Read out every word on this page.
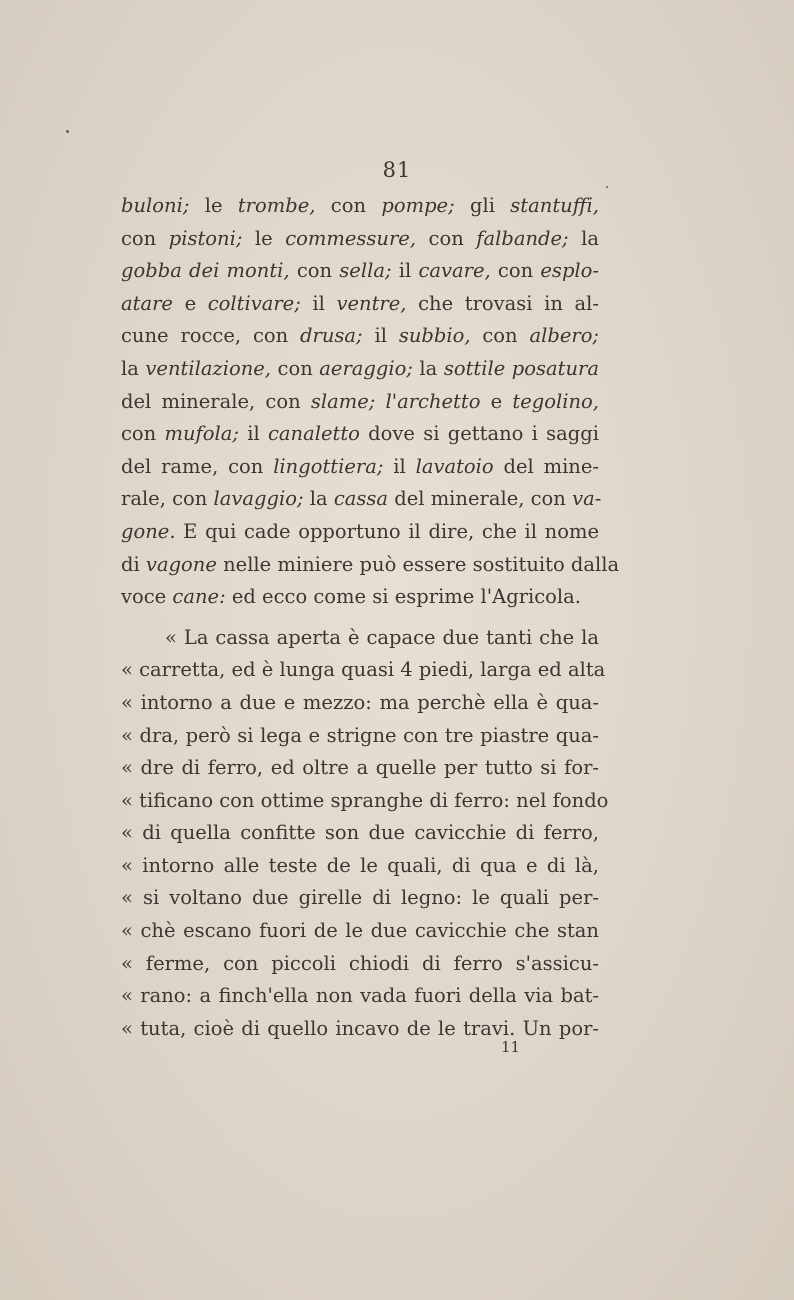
81
buloni; le trombe, con pompe; gli stantuffi,
con pistoni; le commessure, con falbande; la
gobba dei monti, con sella; il cavare, con esplo-
atare e coltivare; il ventre, che trovasi in al-
cune rocce, con drusa; il subbio, con albero;
la ventilazione, con aeraggio; la sottile posatura
del minerale, con slame; l'archetto e tegolino,
con mufola; il canaletto dove si gettano i saggi
del rame, con lingottiera; il lavatoio del mine-
rale, con lavaggio; la cassa del minerale, con va-
gone. E qui cade opportuno il dire, che il nome
di vagone nelle miniere può essere sostituito dalla
voce cane: ed ecco come si esprime l'Agricola.
« La cassa aperta è capace due tanti che la
« carretta, ed è lunga quasi 4 piedi, larga ed alta
« intorno a due e mezzo: ma perchè ella è qua-
« dra, però si lega e strigne con tre piastre qua-
« dre di ferro, ed oltre a quelle per tutto si for-
« tificano con ottime spranghe di ferro: nel fondo
« di quella confitte son due cavicchie di ferro,
« intorno alle teste de le quali, di qua e di là,
« si voltano due girelle di legno: le quali per-
« chè escano fuori de le due cavicchie che stan
« ferme, con piccoli chiodi di ferro s'assicu-
« rano: a finch'ella non vada fuori della via bat-
« tuta, cioè di quello incavo de le travi. Un por-
11
